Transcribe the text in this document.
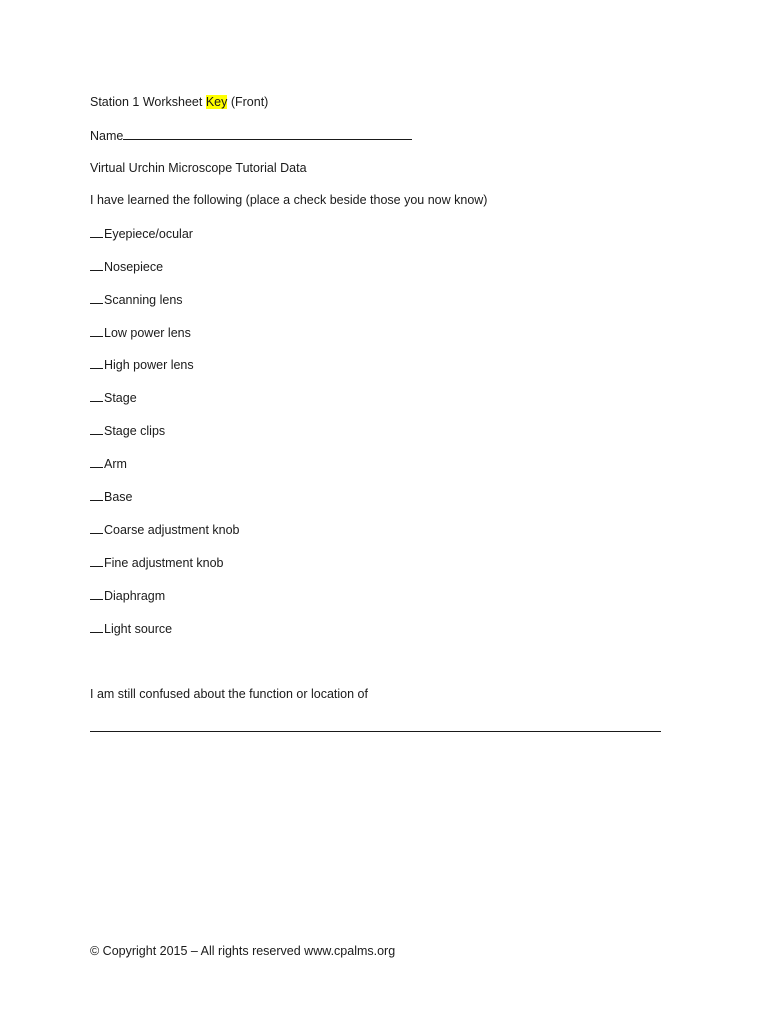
Station 1 Worksheet Key (Front)
Name
Virtual Urchin Microscope Tutorial Data
I have learned the following (place a check beside those you now know)
Eyepiece/ocular
Nosepiece
Scanning lens
Low power lens
High power lens
Stage
Stage clips
Arm
Base
Coarse adjustment knob
Fine adjustment knob
Diaphragm
Light source
I am still confused about the function or location of
© Copyright 2015 – All rights reserved www.cpalms.org
